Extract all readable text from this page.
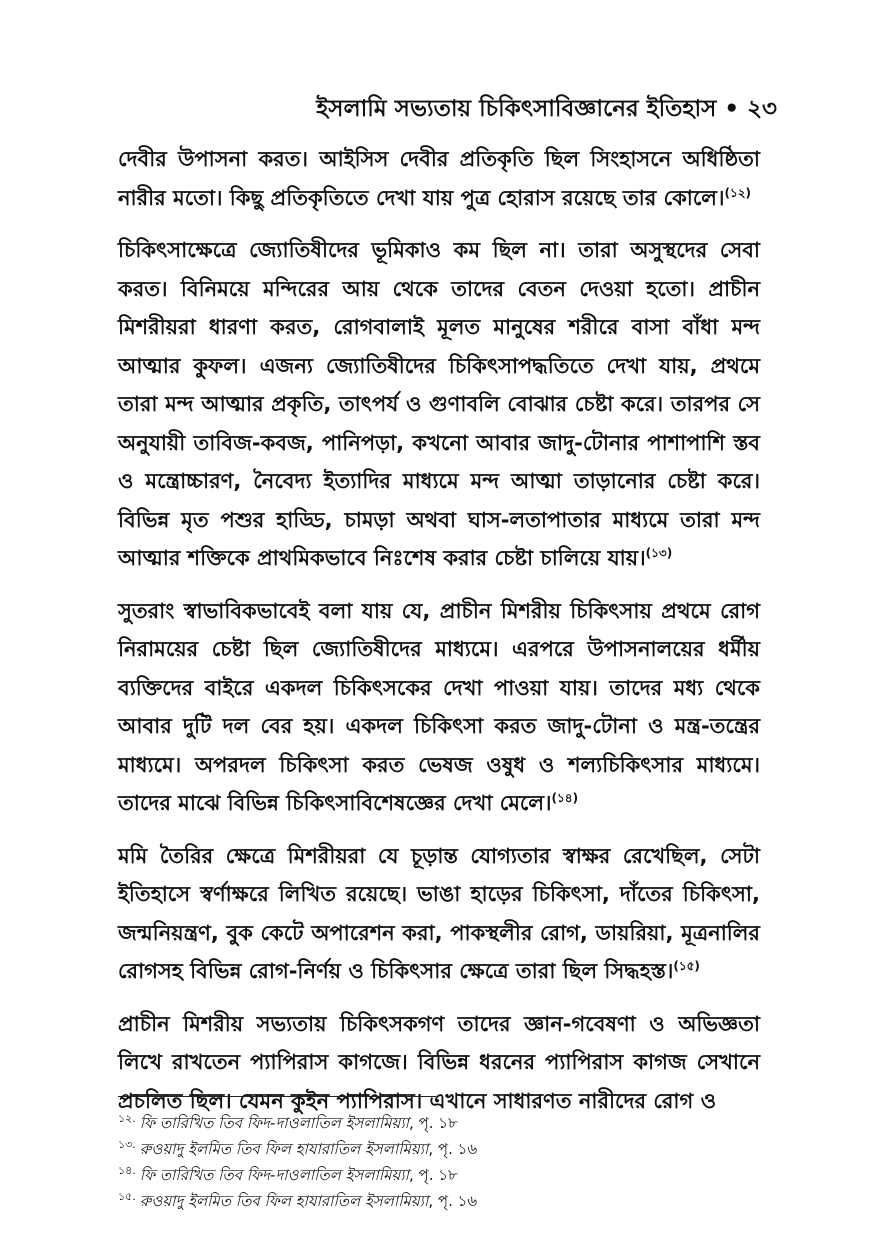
ইসলামি সভ্যতায় চিকিৎসাবিজ্ঞানের ইতিহাস • ২৩

দেবীর উপাসনা করত। আইসিস দেবীর প্রতিকৃতি ছিল সিংহাসনে অধিষ্ঠিতা নারীর মতো। কিছু প্রতিকৃতিতে দেখা যায় পুত্র হোরাস রয়েছে তার কোলে।$^{(১২)}$

চিকিৎসাক্ষেত্রে জ্যোতিষীদের ভূমিকাও কম ছিল না। তারা অসুস্থদের সেবা করত। বিনিময়ে মন্দিরের আয় থেকে তাদের বেতন দেওয়া হতো। প্রাচীন মিশরীয়রা ধারণা করত, রোগবালাই মূলত মানুষের শরীরে বাসা বাঁধা মন্দ আত্মার কুফল। এজন্য জ্যোতিষীদের চিকিৎসাপদ্ধতিতে দেখা যায়, প্রথমে তারা মন্দ আত্মার প্রকৃতি, তাৎপর্য ও গুণাবলি বোঝার চেষ্টা করে। তারপর সে অনুযায়ী তাবিজ-কবজ, পানিপড়া, কখনো আবার জাদু-টোনার পাশাপাশি স্তব ও মন্ত্রোচ্চারণ, নৈবেদ্য ইত্যাদির মাধ্যমে মন্দ আত্মা তাড়ানোর চেষ্টা করে। বিভিন্ন মৃত পশুর হাড্ডি, চামড়া অথবা ঘাস-লতাপাতার মাধ্যমে তারা মন্দ আত্মার শক্তিকে প্রাথমিকভাবে নিঃশেষ করার চেষ্টা চালিয়ে যায়।$^{(১৩)}$

সুতরাং স্বাভাবিকভাবেই বলা যায় যে, প্রাচীন মিশরীয় চিকিৎসায় প্রথমে রোগ নিরাময়ের চেষ্টা ছিল জ্যোতিষীদের মাধ্যমে। এরপরে উপাসনালয়ের ধর্মীয় ব্যক্তিদের বাইরে একদল চিকিৎসকের দেখা পাওয়া যায়। তাদের মধ্য থেকে আবার দুটি দল বের হয়। একদল চিকিৎসা করত জাদু-টোনা ও মন্ত্র-তন্ত্রের মাধ্যমে। অপরদল চিকিৎসা করত ভেষজ ওষুধ ও শল্যচিকিৎসার মাধ্যমে। তাদের মাঝে বিভিন্ন চিকিৎসাবিশেষজ্ঞের দেখা মেলে।$^{(১৪)}$

মমি তৈরির ক্ষেত্রে মিশরীয়রা যে চূড়ান্ত যোগ্যতার স্বাক্ষর রেখেছিল, সেটা ইতিহাসে স্বর্ণাক্ষরে লিখিত রয়েছে। ভাঙা হাড়ের চিকিৎসা, দাঁতের চিকিৎসা, জন্মনিয়ন্ত্রণ, বুক কেটে অপারেশন করা, পাকস্থলীর রোগ, ডায়রিয়া, মূত্রনালির রোগসহ বিভিন্ন রোগ-নির্ণয় ও চিকিৎসার ক্ষেত্রে তারা ছিল সিদ্ধহস্ত।$^{(১৫)}$

প্রাচীন মিশরীয় সভ্যতায় চিকিৎসকগণ তাদের জ্ঞান-গবেষণা ও অভিজ্ঞতা লিখে রাখতেন প্যাপিরাস কাগজে। বিভিন্ন ধরনের প্যাপিরাস কাগজ সেখানে প্রচলিত ছিল। যেমন কুইন প্যাপিরাস। এখানে সাধারণত নারীদের রোগ ও

$^{১২.}$ ফি তারিখিত তিব ফিদ-দাওলাতিল ইসলামিয়্যা, পৃ. ১৮
$^{১৩.}$ রুওয়াদু ইলমিত তিব ফিল হাযারাতিল ইসলামিয়্যা, পৃ. ১৬
$^{১৪.}$ ফি তারিখিত তিব ফিদ-দাওলাতিল ইসলামিয়্যা, পৃ. ১৮
$^{১৫.}$ রুওয়াদু ইলমিত তিব ফিল হাযারাতিল ইসলামিয়্যা, পৃ. ১৬
